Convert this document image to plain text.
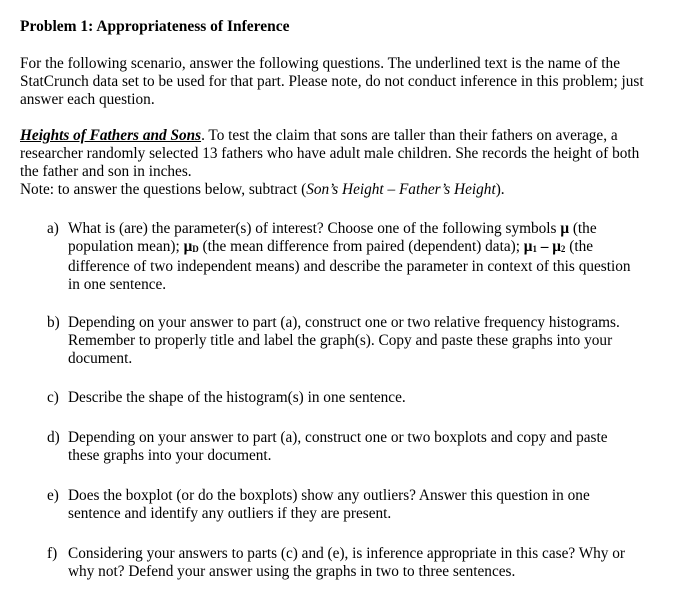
Problem 1: Appropriateness of Inference
For the following scenario, answer the following questions. The underlined text is the name of the StatCrunch data set to be used for that part. Please note, do not conduct inference in this problem; just answer each question.
Heights of Fathers and Sons. To test the claim that sons are taller than their fathers on average, a researcher randomly selected 13 fathers who have adult male children. She records the height of both the father and son in inches.
Note: to answer the questions below, subtract (Son’s Height – Father’s Height).
a) What is (are) the parameter(s) of interest? Choose one of the following symbols μ (the population mean); $\mu_D$ (the mean difference from paired (dependent) data); $\mu_1 - \mu_2$ (the difference of two independent means) and describe the parameter in context of this question in one sentence.
b) Depending on your answer to part (a), construct one or two relative frequency histograms. Remember to properly title and label the graph(s). Copy and paste these graphs into your document.
c) Describe the shape of the histogram(s) in one sentence.
d) Depending on your answer to part (a), construct one or two boxplots and copy and paste these graphs into your document.
e) Does the boxplot (or do the boxplots) show any outliers? Answer this question in one sentence and identify any outliers if they are present.
f) Considering your answers to parts (c) and (e), is inference appropriate in this case? Why or why not? Defend your answer using the graphs in two to three sentences.
